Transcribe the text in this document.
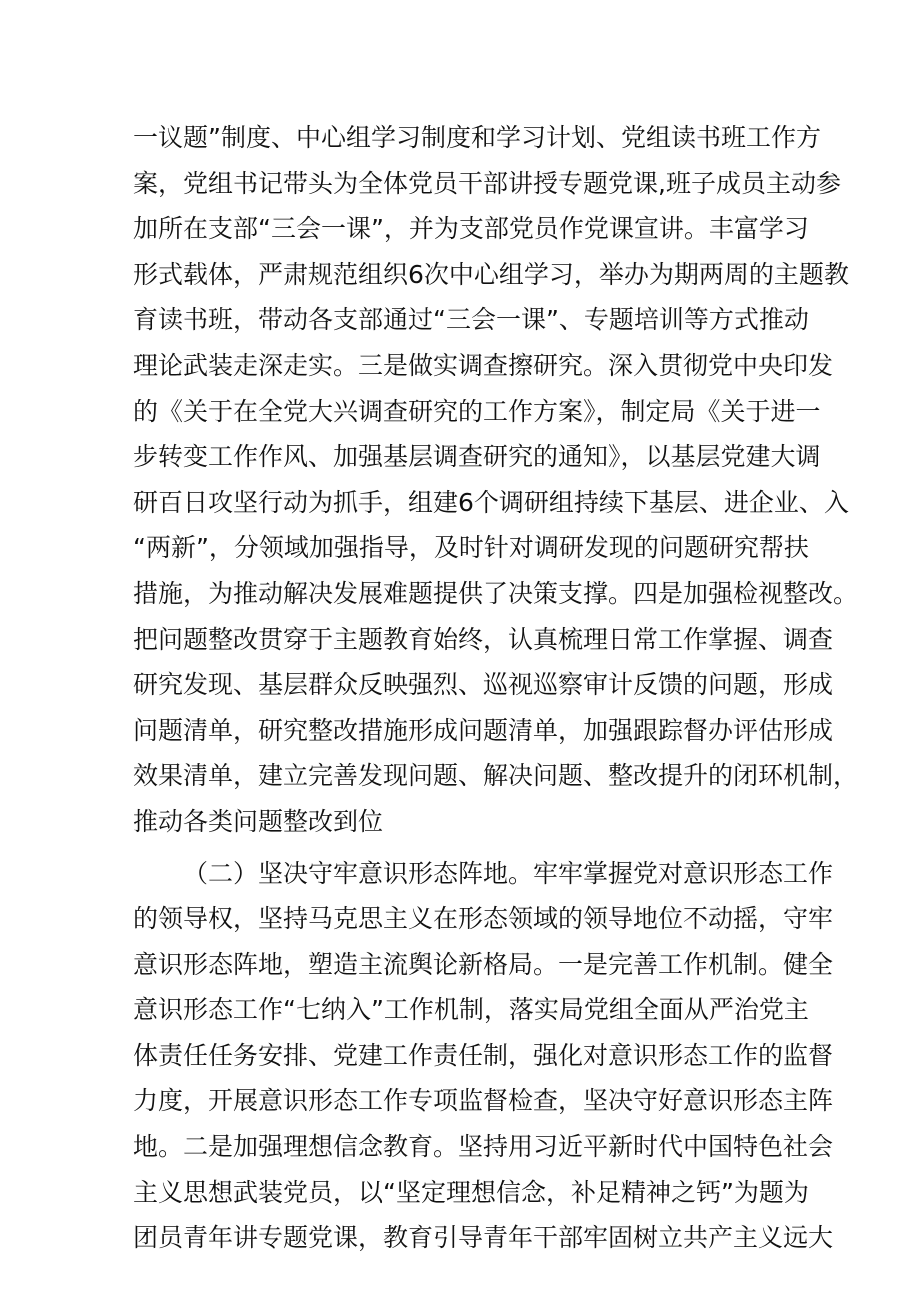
一议题”制度、中心组学习制度和学习计划、党组读书班工作方
案，党组书记带头为全体党员干部讲授专题党课,班子成员主动参
加所在支部“三会一课”，并为支部党员作党课宣讲。丰富学习
形式载体，严肃规范组织6次中心组学习，举办为期两周的主题教
育读书班，带动各支部通过“三会一课”、专题培训等方式推动
理论武装走深走实。三是做实调查擦研究。深入贯彻党中央印发
的《关于在全党大兴调查研究的工作方案》，制定局《关于进一
步转变工作作风、加强基层调查研究的通知》，以基层党建大调
研百日攻坚行动为抓手，组建6个调研组持续下基层、进企业、入
“两新”，分领域加强指导，及时针对调研发现的问题研究帮扶
措施，为推动解决发展难题提供了决策支撑。四是加强检视整改。
把问题整改贯穿于主题教育始终，认真梳理日常工作掌握、调查
研究发现、基层群众反映强烈、巡视巡察审计反馈的问题，形成
问题清单，研究整改措施形成问题清单，加强跟踪督办评估形成
效果清单，建立完善发现问题、解决问题、整改提升的闭环机制，
推动各类问题整改到位
（二）坚决守牢意识形态阵地。牢牢掌握党对意识形态工作
的领导权，坚持马克思主义在形态领域的领导地位不动摇，守牢
意识形态阵地，塑造主流舆论新格局。一是完善工作机制。健全
意识形态工作“七纳入”工作机制，落实局党组全面从严治党主
体责任任务安排、党建工作责任制，强化对意识形态工作的监督
力度，开展意识形态工作专项监督检查，坚决守好意识形态主阵
地。二是加强理想信念教育。坚持用习近平新时代中国特色社会
主义思想武装党员，以“坚定理想信念，补足精神之钙”为题为
团员青年讲专题党课，教育引导青年干部牢固树立共产主义远大
